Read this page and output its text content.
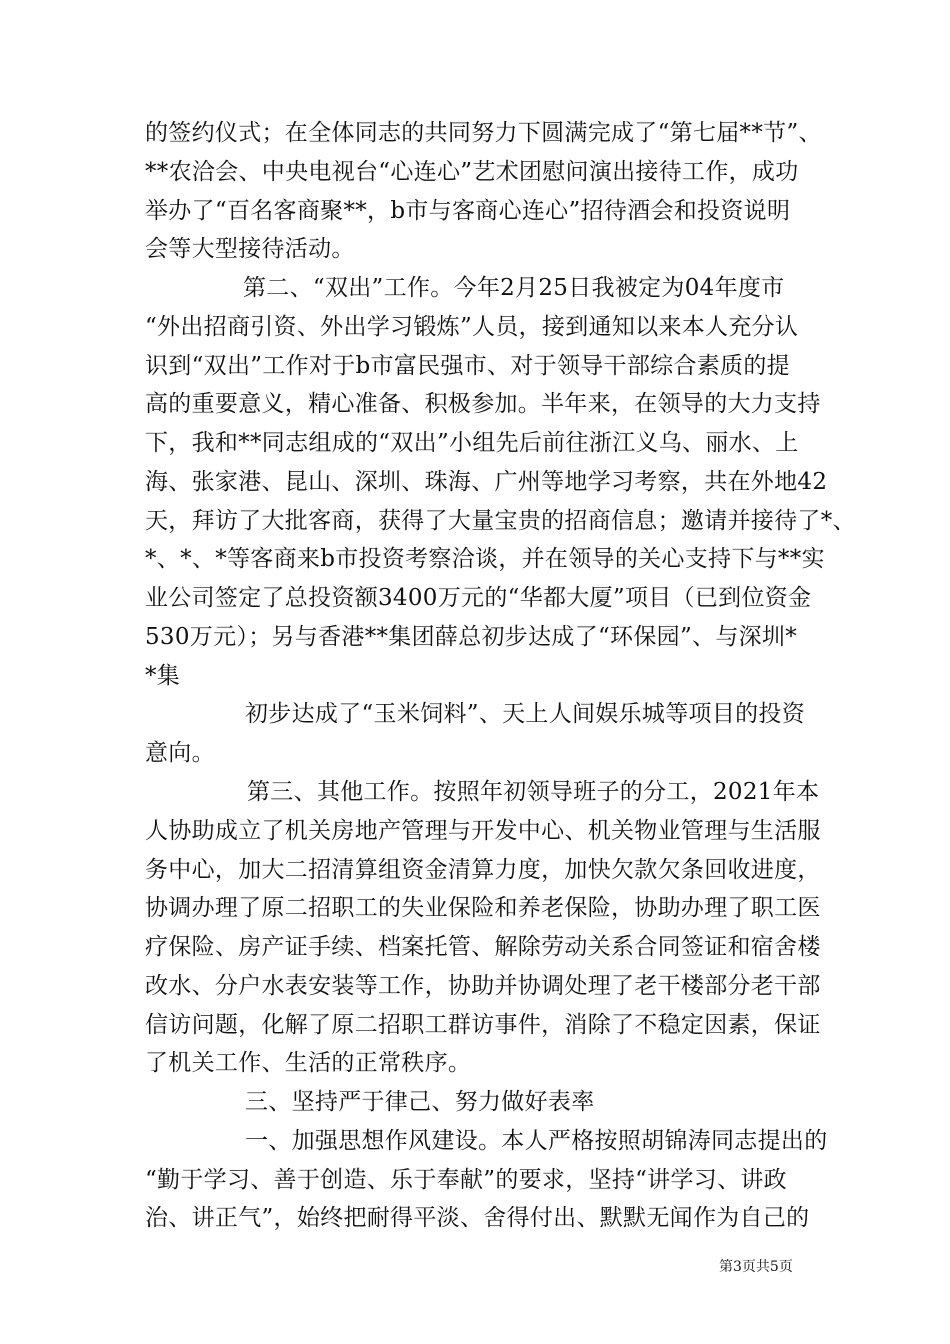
的签约仪式；在全体同志的共同努力下圆满完成了“第七届**节”、
**农洽会、中央电视台“心连心”艺术团慰问演出接待工作，成功
举办了“百名客商聚**，b市与客商心连心”招待酒会和投资说明
会等大型接待活动。
第二、“双出”工作。今年2月25日我被定为04年度市
“外出招商引资、外出学习锻炼”人员，接到通知以来本人充分认
识到“双出”工作对于b市富民强市、对于领导干部综合素质的提
高的重要意义，精心准备、积极参加。半年来，在领导的大力支持
下，我和**同志组成的“双出”小组先后前往浙江义乌、丽水、上
海、张家港、昆山、深圳、珠海、广州等地学习考察，共在外地42
天，拜访了大批客商，获得了大量宝贵的招商信息；邀请并接待了*、
*、*、*等客商来b市投资考察洽谈，并在领导的关心支持下与**实
业公司签定了总投资额3400万元的“华都大厦”项目（已到位资金
530万元）；另与香港**集团薛总初步达成了“环保园”、与深圳*
*集
初步达成了“玉米饲料”、天上人间娱乐城等项目的投资
意向。
第三、其他工作。按照年初领导班子的分工，2021年本
人协助成立了机关房地产管理与开发中心、机关物业管理与生活服
务中心，加大二招清算组资金清算力度，加快欠款欠条回收进度，
协调办理了原二招职工的失业保险和养老保险，协助办理了职工医
疗保险、房产证手续、档案托管、解除劳动关系合同签证和宿舍楼
改水、分户水表安装等工作，协助并协调处理了老干楼部分老干部
信访问题，化解了原二招职工群访事件，消除了不稳定因素，保证
了机关工作、生活的正常秩序。
三、坚持严于律己、努力做好表率
一、加强思想作风建设。本人严格按照胡锦涛同志提出的
“勤于学习、善于创造、乐于奉献”的要求，坚持“讲学习、讲政
治、讲正气”，始终把耐得平淡、舍得付出、默默无闻作为自己的
第3页共5页
